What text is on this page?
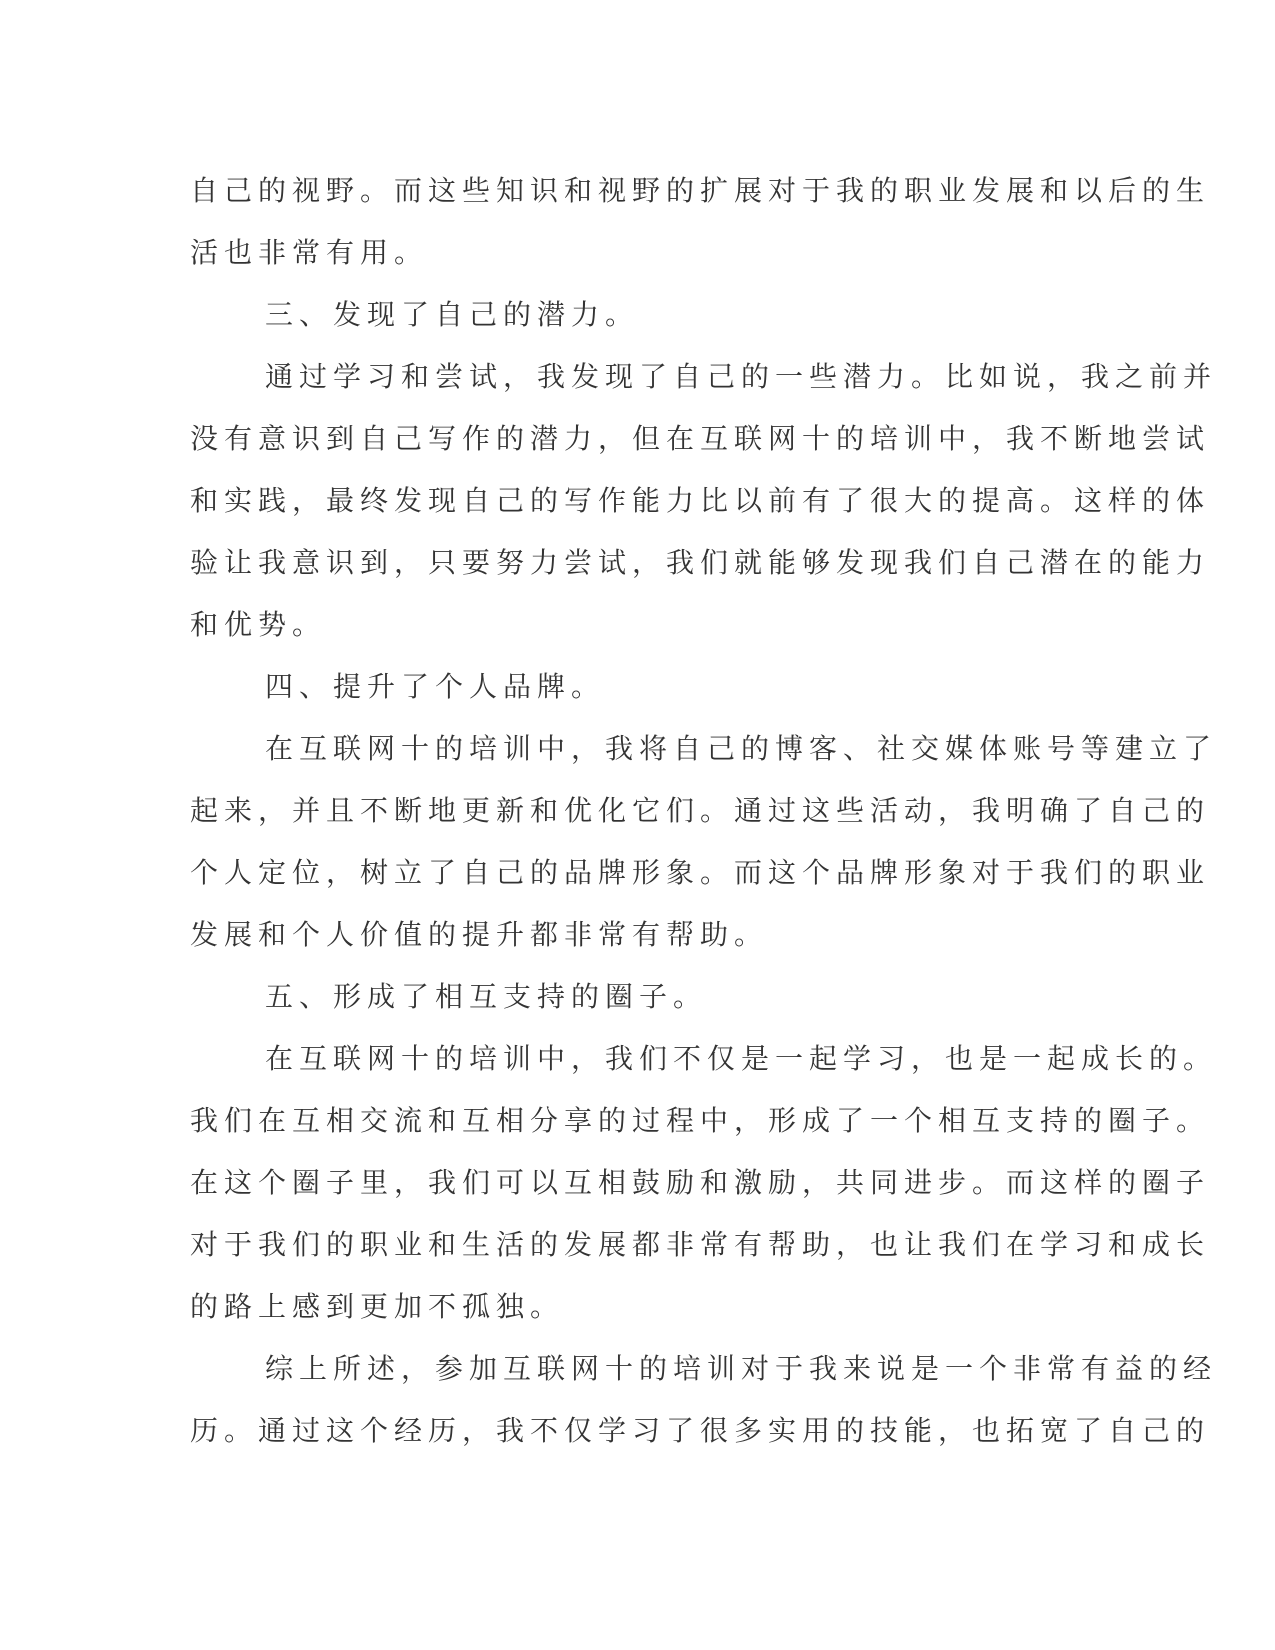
自己的视野。而这些知识和视野的扩展对于我的职业发展和以后的生
活也非常有用。
三、发现了自己的潜力。
通过学习和尝试，我发现了自己的一些潜力。比如说，我之前并
没有意识到自己写作的潜力，但在互联网十的培训中，我不断地尝试
和实践，最终发现自己的写作能力比以前有了很大的提高。这样的体
验让我意识到，只要努力尝试，我们就能够发现我们自己潜在的能力
和优势。
四、提升了个人品牌。
在互联网十的培训中，我将自己的博客、社交媒体账号等建立了
起来，并且不断地更新和优化它们。通过这些活动，我明确了自己的
个人定位，树立了自己的品牌形象。而这个品牌形象对于我们的职业
发展和个人价值的提升都非常有帮助。
五、形成了相互支持的圈子。
在互联网十的培训中，我们不仅是一起学习，也是一起成长的。
我们在互相交流和互相分享的过程中，形成了一个相互支持的圈子。
在这个圈子里，我们可以互相鼓励和激励，共同进步。而这样的圈子
对于我们的职业和生活的发展都非常有帮助，也让我们在学习和成长
的路上感到更加不孤独。
综上所述，参加互联网十的培训对于我来说是一个非常有益的经
历。通过这个经历，我不仅学习了很多实用的技能，也拓宽了自己的
